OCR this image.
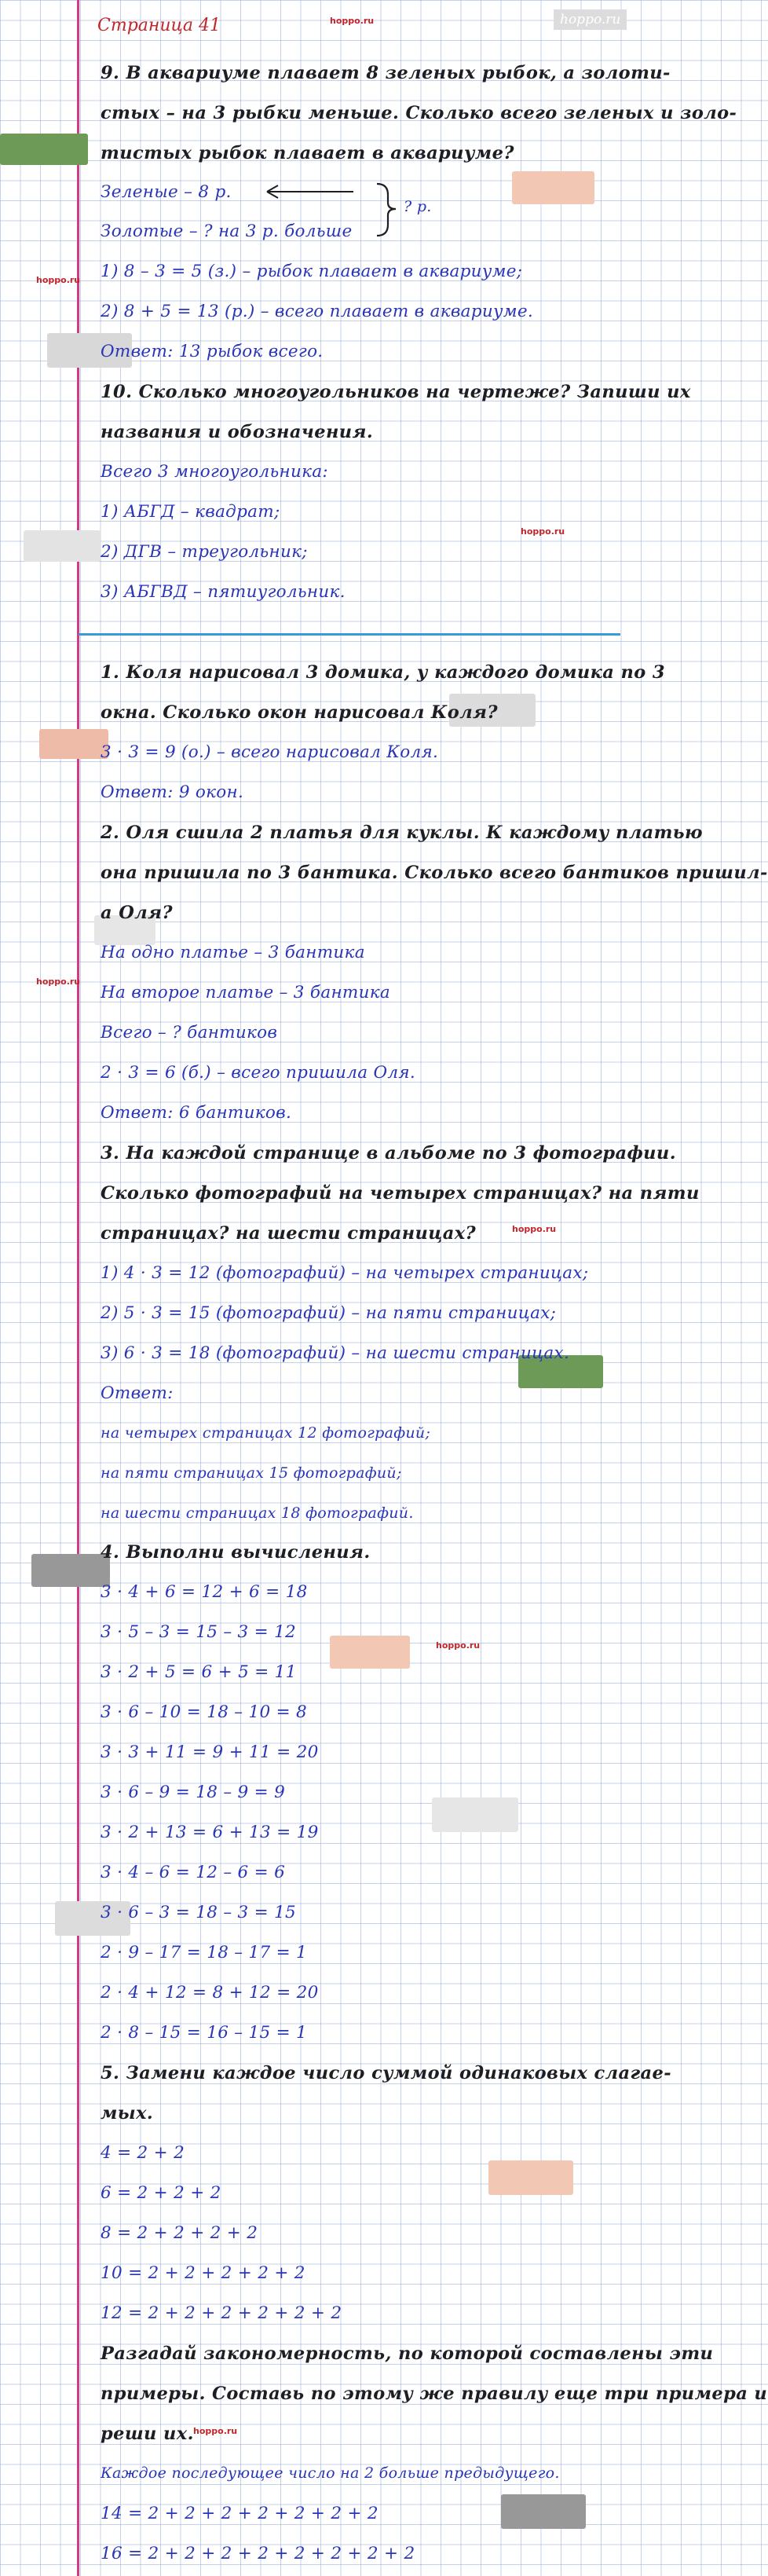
Страница 41	hoppo.ru	hoppo.ru
9. В аквариуме плавает 8 зеленых рыбок, а золоти-
стых – на 3 рыбки меньше. Сколько всего зеленых и золо-
тистых рыбок плавает в аквариуме?
Зеленые – 8 р.
Золотые – ? на 3 р. больше
? р.
hoppo.ru 1) 8 – 3 = 5 (з.) – рыбок плавает в аквариуме;
2) 8 + 5 = 13 (р.) – всего плавает в аквариуме.
Ответ: 13 рыбок всего.
10. Сколько многоугольников на чертеже? Запиши их
названия и обозначения.
Всего 3 многоугольника:
1) АБГД – квадрат;
hoppo.ru
2) ДГВ – треугольник;
3) АБГВД – пятиугольник.
1. Коля нарисовал 3 домика, у каждого домика по 3
окна. Сколько окон нарисовал Коля?
3 · 3 = 9 (о.) – всего нарисовал Коля.
Ответ: 9 окон.
2. Оля сшила 2 платья для куклы. К каждому платью
она пришила по 3 бантика. Сколько всего бантиков пришил-
а Оля?
На одно платье – 3 бантика
hoppo.ru
На второе платье – 3 бантика
Всего – ? бантиков
2 · 3 = 6 (б.) – всего пришила Оля.
Ответ: 6 бантиков.
3. На каждой странице в альбоме по 3 фотографии.
Сколько фотографий на четырех страницах? на пяти
страницах? на шести страницах?	hoppo.ru
1) 4 · 3 = 12 (фотографий) – на четырех страницах;
2) 5 · 3 = 15 (фотографий) – на пяти страницах;
3) 6 · 3 = 18 (фотографий) – на шести страницах.
Ответ:
на четырех страницах 12 фотографий;
на пяти страницах 15 фотографий;
на шести страницах 18 фотографий.
4. Выполни вычисления.
3 · 4 + 6 = 12 + 6 = 18
3 · 5 – 3 = 15 – 3 = 12
hoppo.ru
3 · 2 + 5 = 6 + 5 = 11
3 · 6 – 10 = 18 – 10 = 8
3 · 3 + 11 = 9 + 11 = 20
3 · 6 – 9 = 18 – 9 = 9
3 · 2 + 13 = 6 + 13 = 19
3 · 4 – 6 = 12 – 6 = 6
3 · 6 – 3 = 18 – 3 = 15
2 · 9 – 17 = 18 – 17 = 1
2 · 4 + 12 = 8 + 12 = 20
2 · 8 – 15 = 16 – 15 = 1
5. Замени каждое число суммой одинаковых слагае-
мых.
4 = 2 + 2
6 = 2 + 2 + 2
8 = 2 + 2 + 2 + 2
10 = 2 + 2 + 2 + 2 + 2
12 = 2 + 2 + 2 + 2 + 2 + 2
Разгадай закономерность, по которой составлены эти
примеры. Составь по этому же правилу еще три примера и
реши их. hoppo.ru
Каждое последующее число на 2 больше предыдущего.
14 = 2 + 2 + 2 + 2 + 2 + 2 + 2
16 = 2 + 2 + 2 + 2 + 2 + 2 + 2 + 2
